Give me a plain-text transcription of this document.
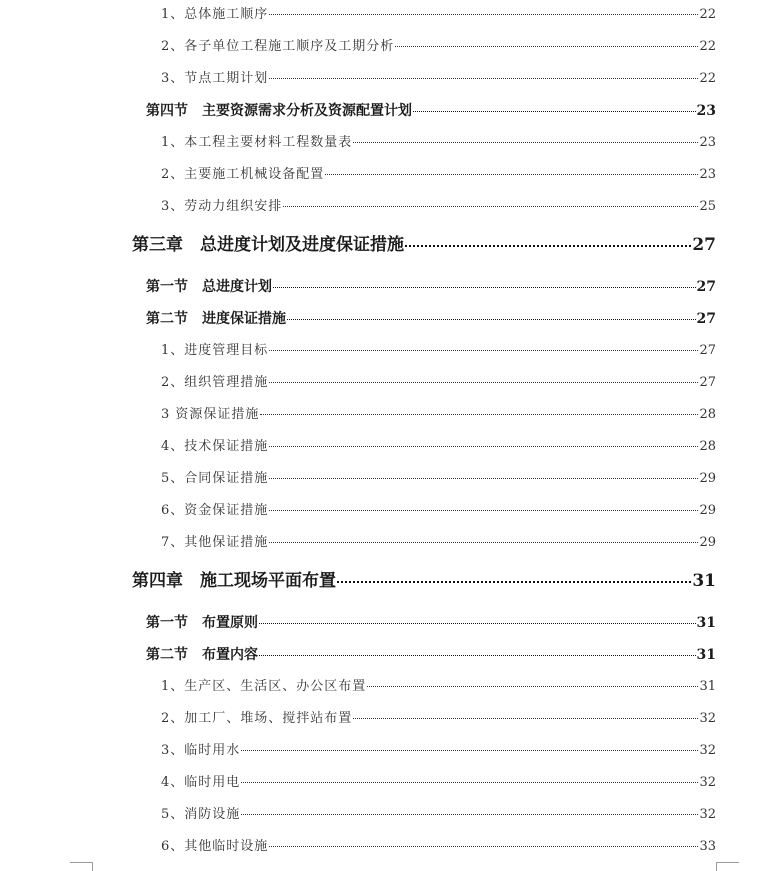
1、总体施工顺序	22
2、各子单位工程施工顺序及工期分析	22
3、节点工期计划	22
第四节　主要资源需求分析及资源配置计划	23
1、本工程主要材料工程数量表	23
2、主要施工机械设备配置	23
3、劳动力组织安排	25
第三章　总进度计划及进度保证措施	27
第一节　总进度计划	27
第二节　进度保证措施	27
1、进度管理目标	27
2、组织管理措施	27
3 资源保证措施	28
4、技术保证措施	28
5、合同保证措施	29
6、资金保证措施	29
7、其他保证措施	29
第四章　施工现场平面布置	31
第一节　布置原则	31
第二节　布置内容	31
1、生产区、生活区、办公区布置	31
2、加工厂、堆场、搅拌站布置	32
3、临时用水	32
4、临时用电	32
5、消防设施	32
6、其他临时设施	33
